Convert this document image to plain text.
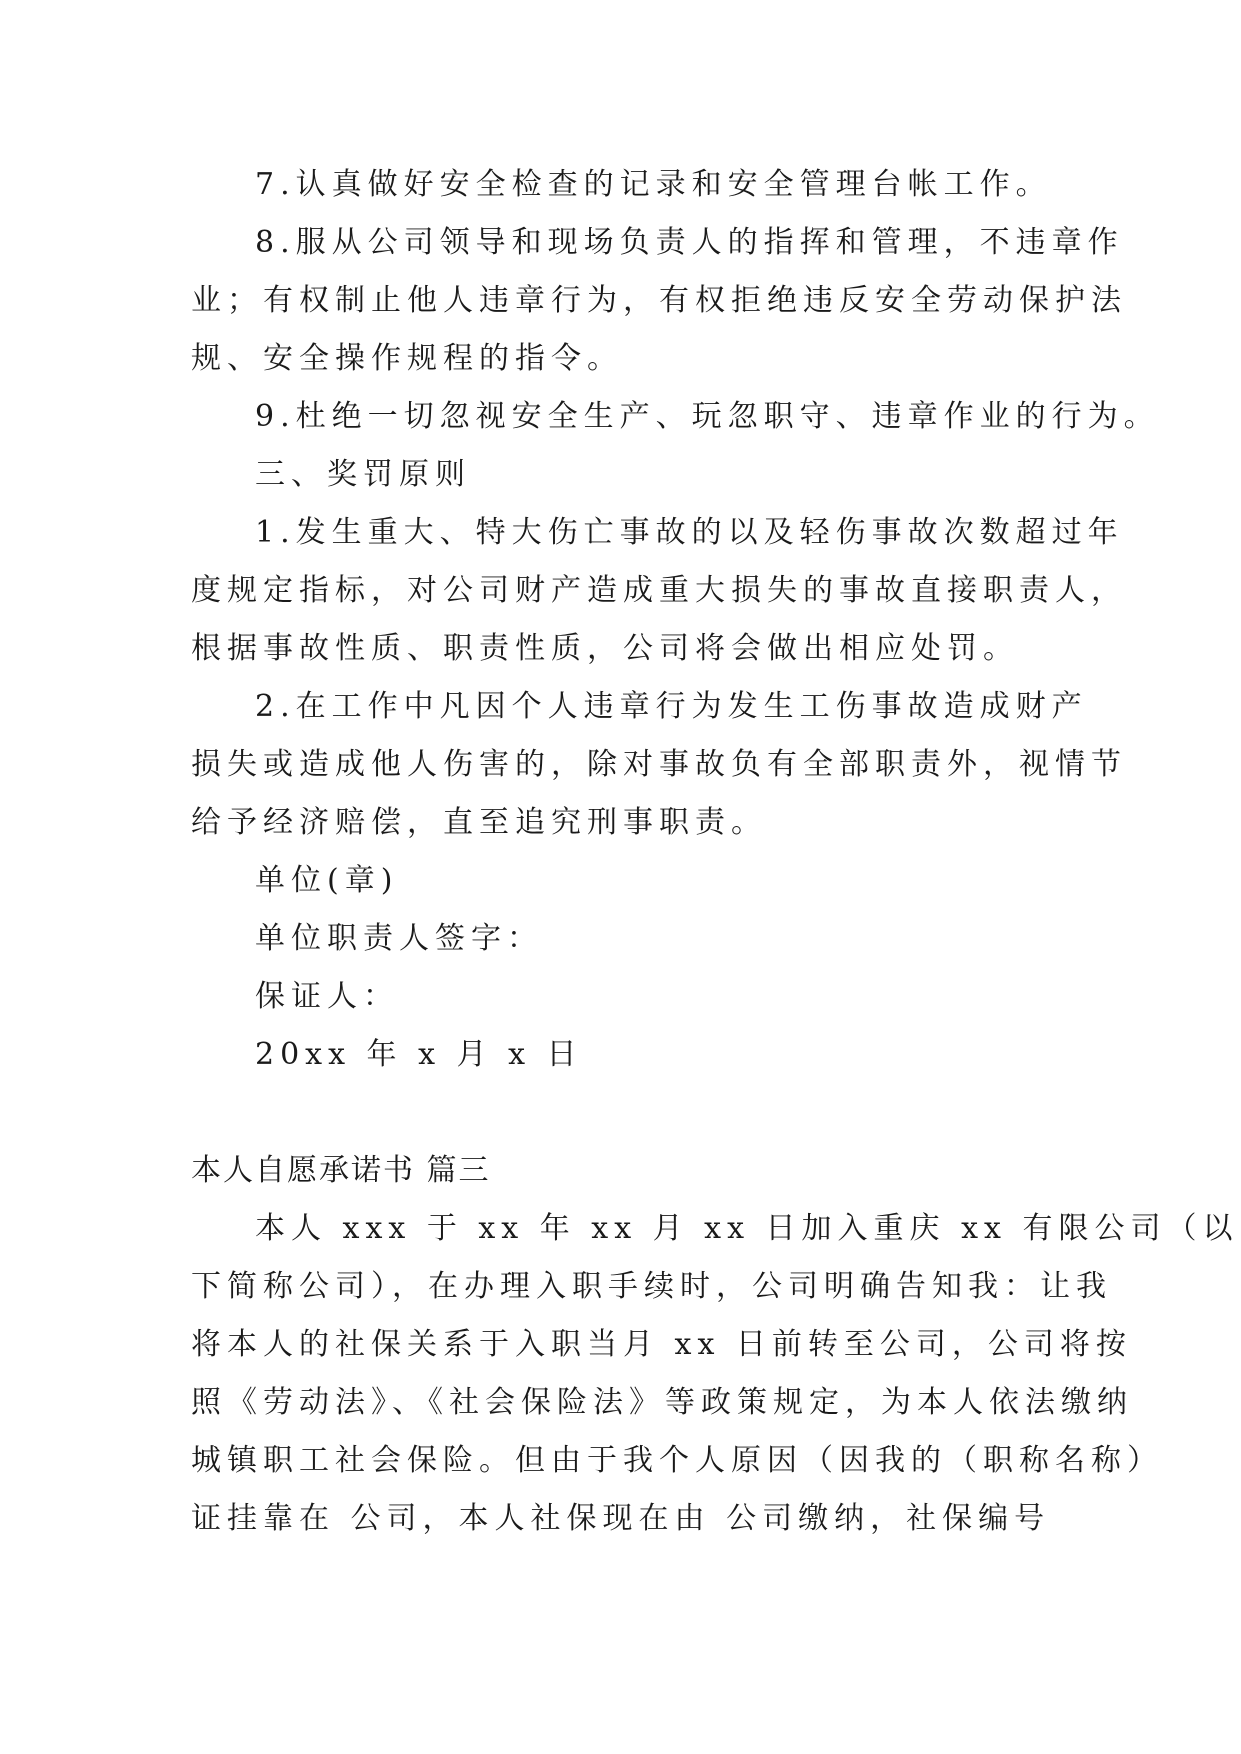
7.认真做好安全检查的记录和安全管理台帐工作。
8.服从公司领导和现场负责人的指挥和管理，不违章作
业；有权制止他人违章行为，有权拒绝违反安全劳动保护法
规、安全操作规程的指令。
9.杜绝一切忽视安全生产、玩忽职守、违章作业的行为。
三、奖罚原则
1.发生重大、特大伤亡事故的以及轻伤事故次数超过年
度规定指标，对公司财产造成重大损失的事故直接职责人，
根据事故性质、职责性质，公司将会做出相应处罚。
2.在工作中凡因个人违章行为发生工伤事故造成财产
损失或造成他人伤害的，除对事故负有全部职责外，视情节
给予经济赔偿，直至追究刑事职责。
单位(章)
单位职责人签字：
保证人：
20xx 年 x 月 x 日
本人自愿承诺书 篇三
本人 xxx 于 xx 年 xx 月 xx 日加入重庆 xx 有限公司（以
下简称公司），在办理入职手续时，公司明确告知我：让我
将本人的社保关系于入职当月 xx 日前转至公司，公司将按
照《劳动法》、《社会保险法》等政策规定，为本人依法缴纳
城镇职工社会保险。但由于我个人原因（因我的（职称名称）
证挂靠在 公司，本人社保现在由 公司缴纳，社保编号
